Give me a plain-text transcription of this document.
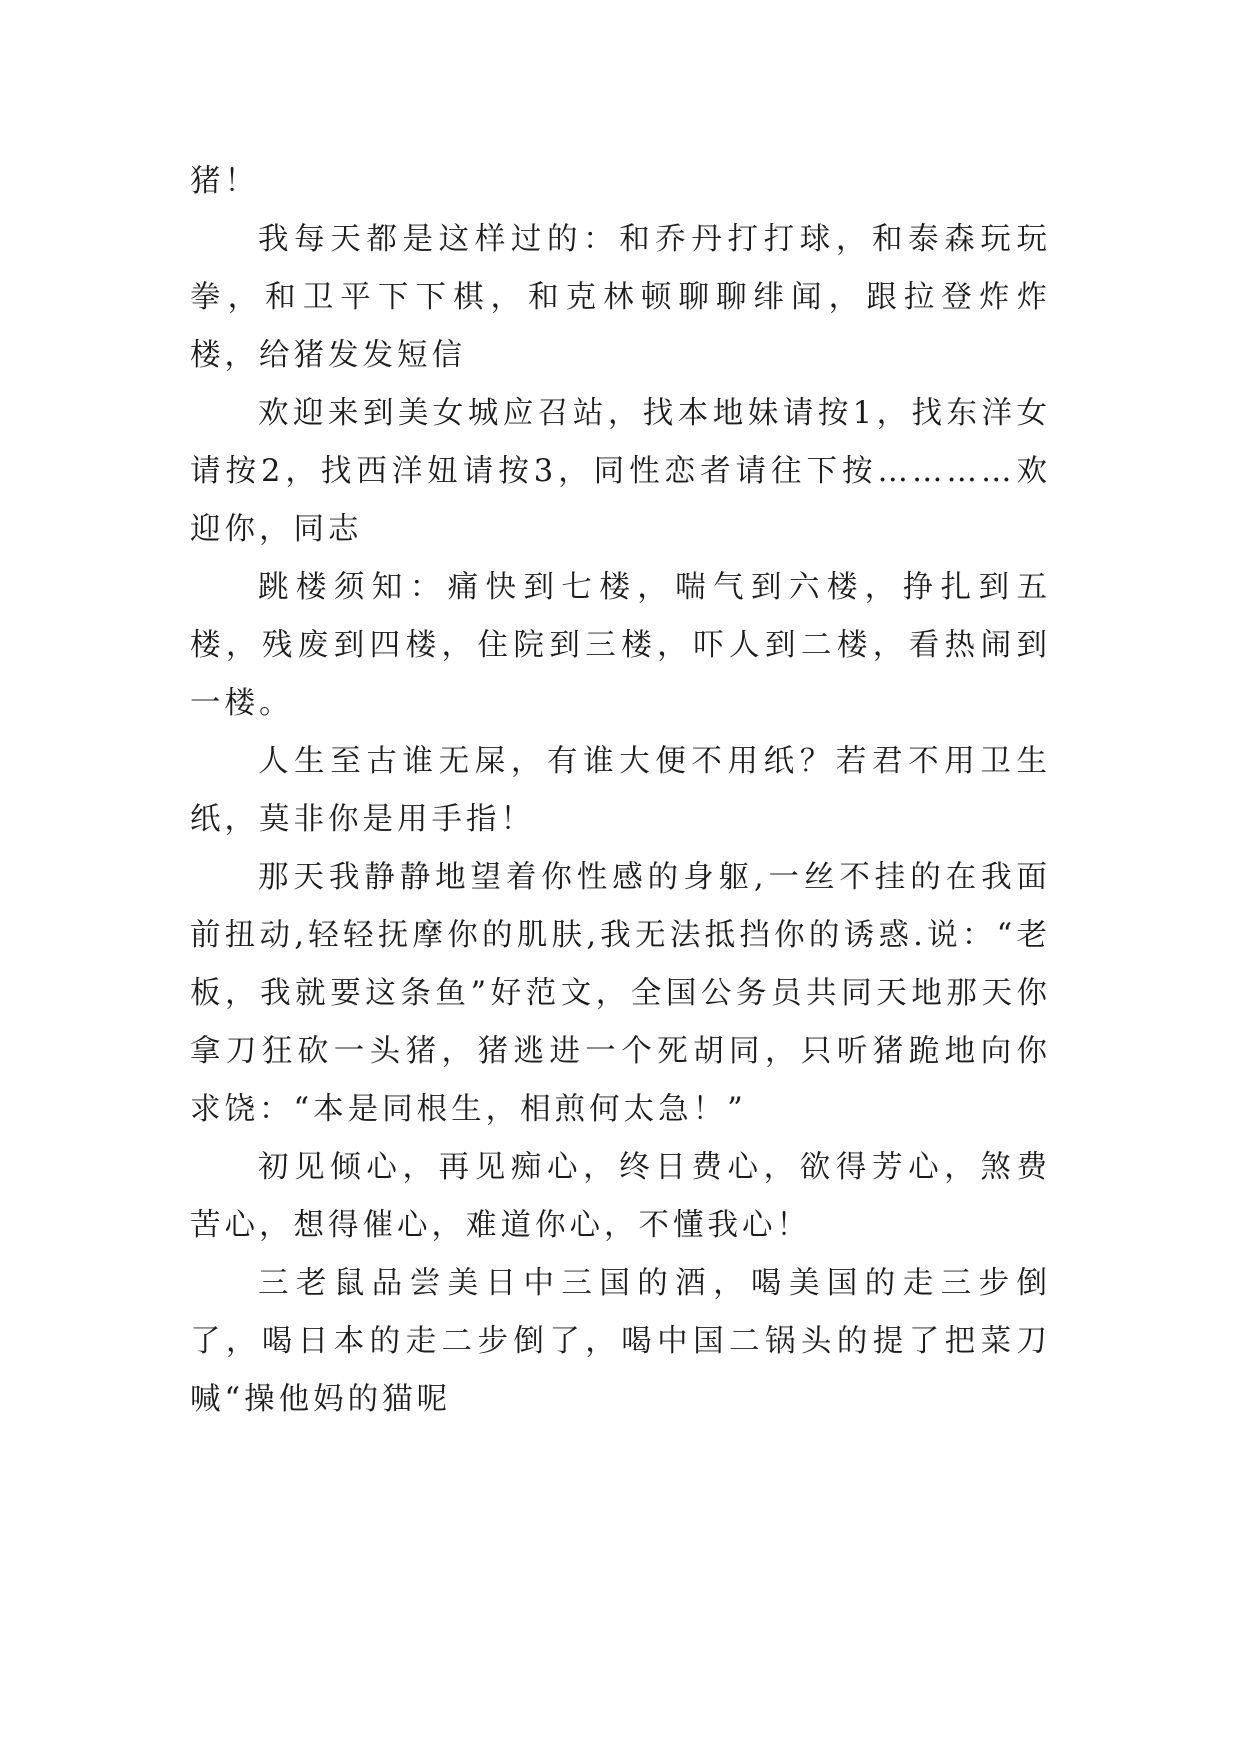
猪！

我每天都是这样过的：和乔丹打打球，和泰森玩玩拳，和卫平下下棋，和克林顿聊聊绯闻，跟拉登炸炸楼，给猪发发短信

欢迎来到美女城应召站，找本地妹请按1，找东洋女请按2，找西洋妞请按3，同性恋者请往下按…………欢迎你，同志

跳楼须知：痛快到七楼，喘气到六楼，挣扎到五楼，残废到四楼，住院到三楼，吓人到二楼，看热闹到一楼。

人生至古谁无屎，有谁大便不用纸？若君不用卫生纸，莫非你是用手指！

那天我静静地望着你性感的身躯,一丝不挂的在我面前扭动,轻轻抚摩你的肌肤,我无法抵挡你的诱惑.说：“老板，我就要这条鱼”好范文，全国公务员共同天地那天你拿刀狂砍一头猪，猪逃进一个死胡同，只听猪跪地向你求饶：“本是同根生，相煎何太急！”

初见倾心，再见痴心，终日费心，欲得芳心，煞费苦心，想得催心，难道你心，不懂我心！

三老鼠品尝美日中三国的酒，喝美国的走三步倒了，喝日本的走二步倒了，喝中国二锅头的提了把菜刀喊“操他妈的猫呢
